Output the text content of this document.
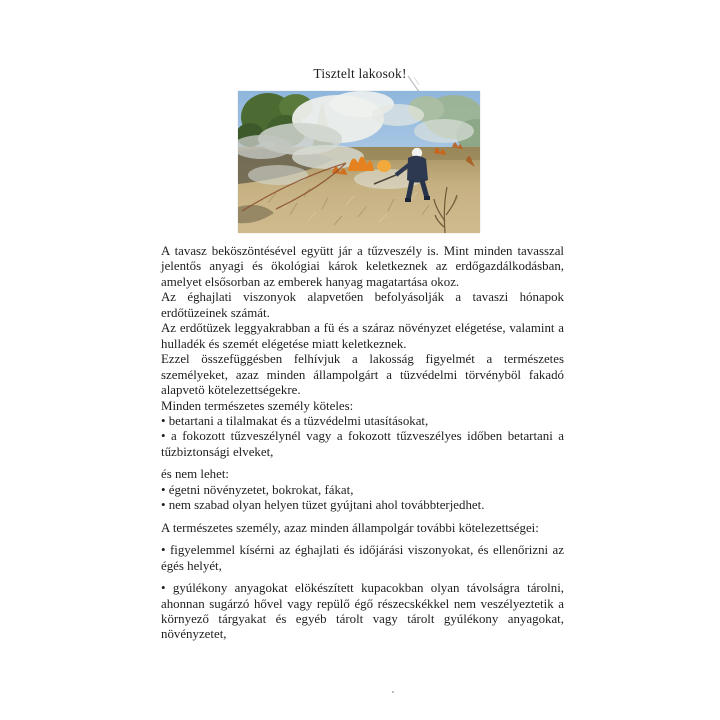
Tisztelt lakosok!

A tavasz beköszöntésével együtt jár a tűzveszély is. Mint minden tavasszal jelentős anyagi és ökológiai károk keletkeznek az erdőgazdálkodásban, amelyet elsősorban az emberek hanyag magatartása okoz.

Az éghajlati viszonyok alapvetően befolyásolják a tavaszi hónapok erdőtüzeinek számát.

Az erdőtüzek leggyakrabban a fü és a száraz növényzet elégetése, valamint a hulladék és szemét elégetése miatt keletkeznek.

Ezzel összefüggésben felhívjuk a lakosság figyelmét a természetes személyeket, azaz minden állampolgárt a tüzvédelmi törvényböl fakadó alapvetö kötelezettségekre.

Minden természetes személy köteles:

• betartani a tilalmakat és a tüzvédelmi utasításokat,

• a fokozott tűzveszélynél vagy a fokozott tűzveszélyes időben betartani a tűzbiztonsági elveket,

és nem lehet:

• égetni növényzetet, bokrokat, fákat,

• nem szabad olyan helyen tüzet gyújtani ahol továbbterjedhet.

A természetes személy, azaz minden állampolgár további kötelezettségei:

• figyelemmel kísérni az éghajlati és időjárási viszonyokat, és ellenőrizni az égés helyét,

• gyúlékony anyagokat elökészített kupacokban olyan távolságra tárolni, ahonnan sugárzó hővel vagy repülő égő részecskékkel nem veszélyeztetik a környező tárgyakat és egyéb tárolt vagy tárolt gyúlékony anyagokat, növényzetet,
